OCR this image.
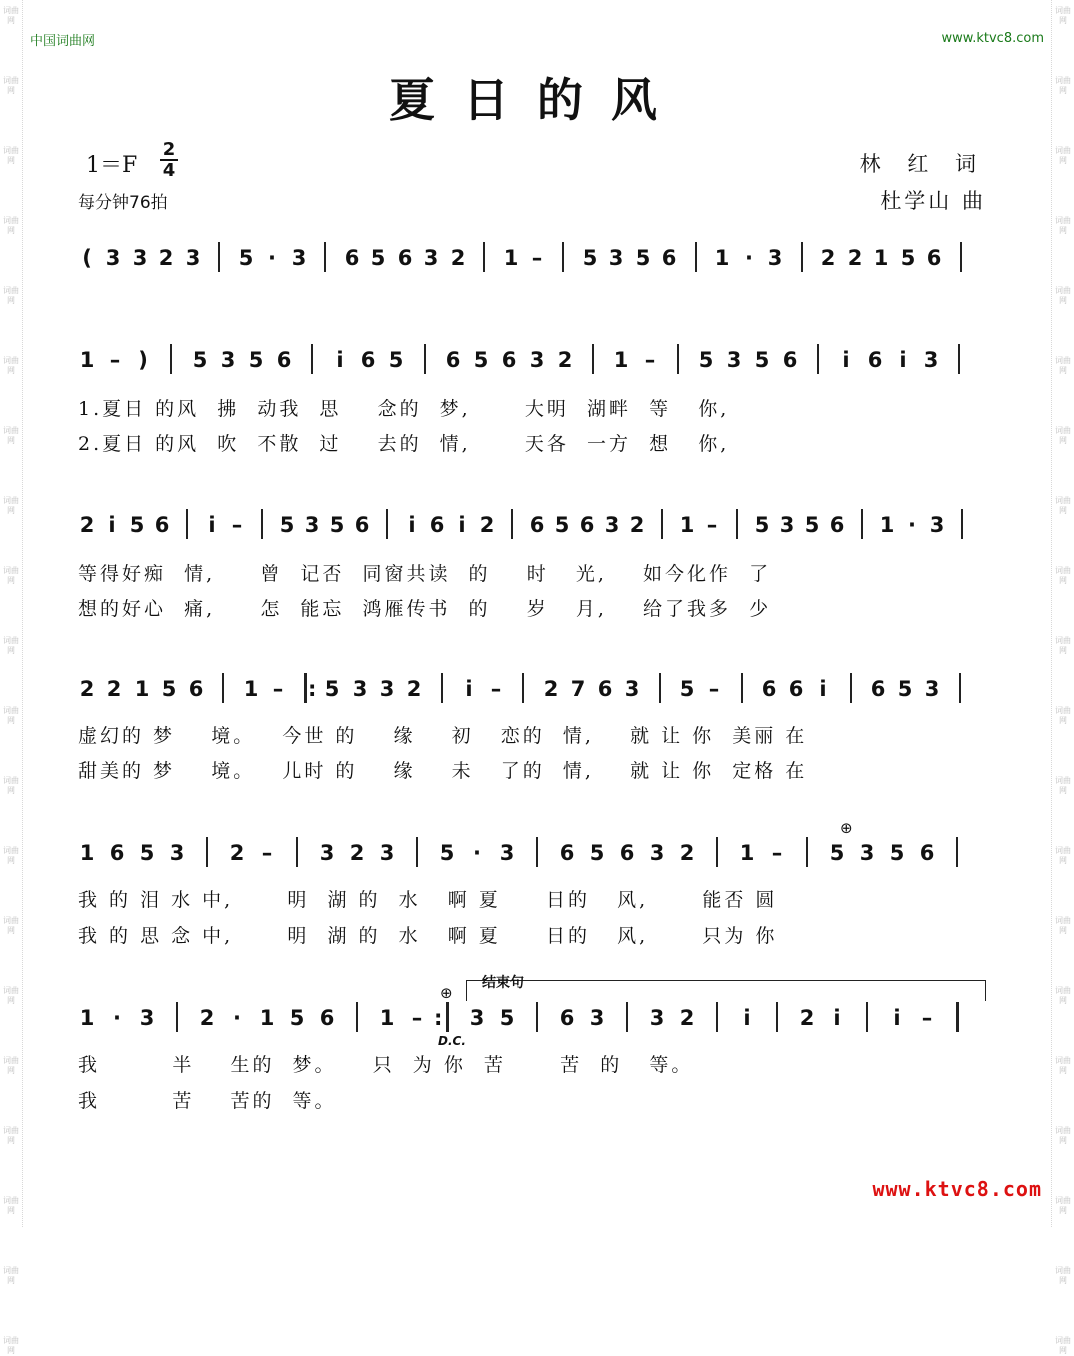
词曲网
词曲网
词曲网
词曲网
词曲网
词曲网
词曲网
词曲网
词曲网
词曲网
词曲网
词曲网
词曲网
词曲网
词曲网
词曲网
词曲网
词曲网
词曲网
词曲网
词曲网
词曲网
词曲网
词曲网
词曲网
词曲网
词曲网
词曲网
词曲网
词曲网
词曲网
词曲网
词曲网
词曲网
词曲网
词曲网
词曲网
词曲网
词曲网
词曲网
中国词曲网	www.ktvc8.com
夏日的风
1＝F
2
4
每分钟76拍
林 红 词
杜学山 曲
( 3 3 2 3 5 · 3 6 5 6 3 2 1 – 5 3 5 6 1 · 3 2 2 1 5 6
1 – ) 5 3 5 6 i 6 5 6 5 6 3 2 1 – 5 3 5 6 i 6 i 3
1.夏日 的风  拂  动我  思    念的  梦,      大明  湖畔  等   你,
2.夏日 的风  吹  不散  过    去的  情,      天各  一方  想   你,
2 i 5 6 i – 5 3 5 6 i 6 i 2 6 5 6 3 2 1 – 5 3 5 6 1 · 3
等得好痴  情,     曾  记否  同窗共读  的    时   光,    如今化作  了
想的好心  痛,     怎  能忘  鸿雁传书  的    岁   月,    给了我多  少
2 2 1 5 6 1 – : 5 3 3 2 i – 2 7 6 3 5 – 6 6 i 6 5 3
虚幻的 梦    境。   今世 的    缘    初   恋的  情,    就 让 你  美丽 在
甜美的 梦    境。   儿时 的    缘    未   了的  情,    就 让 你  定格 在
⊕
1 6 5 3 2 – 3 2 3 5 · 3 6 5 6 3 2 1 – 5 3 5 6
我 的 泪 水 中,      明  湖 的  水   啊 夏     日的   风,      能否 圆
我 的 思 念 中,      明  湖 的  水   啊 夏     日的   风,      只为 你
结束句
⊕
D.C.
1 · 3 2 · 1 5 6 1 – : 3 5 6 3 3 2 i 2 i	i –
我        半    生的  梦。    只  为 你  苦      苦  的   等。
我        苦    苦的  等。
www.ktvc8.com
